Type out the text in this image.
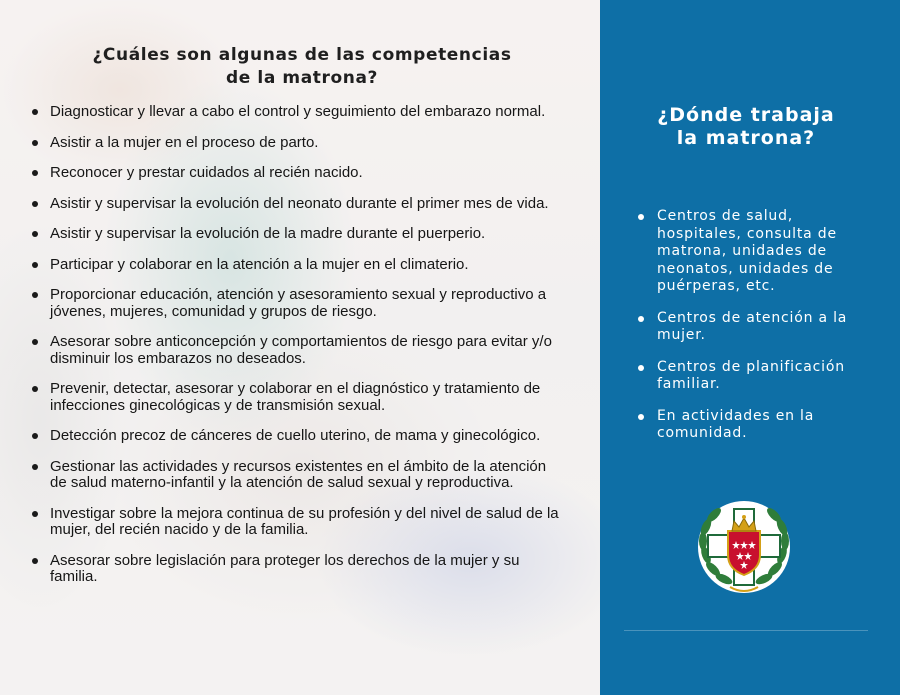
¿Cuáles son algunas de las competencias
de la matrona?
Diagnosticar y llevar a cabo el control y seguimiento del embarazo normal.
Asistir a la mujer en el proceso de parto.
Reconocer y prestar cuidados al recién nacido.
Asistir y supervisar la evolución del neonato durante el primer mes de vida.
Asistir y supervisar la evolución de la madre durante el puerperio.
Participar y colaborar en la atención a la mujer en el climaterio.
Proporcionar educación, atención y asesoramiento sexual y reproductivo a jóvenes, mujeres, comunidad y grupos de riesgo.
Asesorar sobre anticoncepción y comportamientos de riesgo para evitar y/o disminuir los embarazos no deseados.
Prevenir, detectar, asesorar y colaborar en el diagnóstico y tratamiento de infecciones ginecológicas y de transmisión sexual.
Detección precoz de cánceres de cuello uterino, de mama y ginecológico.
Gestionar las actividades y recursos existentes en el ámbito de la atención de salud materno-infantil y la atención de salud sexual y reproductiva.
Investigar sobre la mejora continua de su profesión y del nivel de salud de la mujer, del recién nacido y de la familia.
Asesorar sobre legislación para proteger los derechos de la mujer y su familia.
¿Dónde trabaja
la matrona?
Centros de salud, hospitales, consulta de matrona, unidades de neonatos, unidades de puérperas, etc.
Centros de atención a la mujer.
Centros de planificación familiar.
En actividades en la comunidad.
